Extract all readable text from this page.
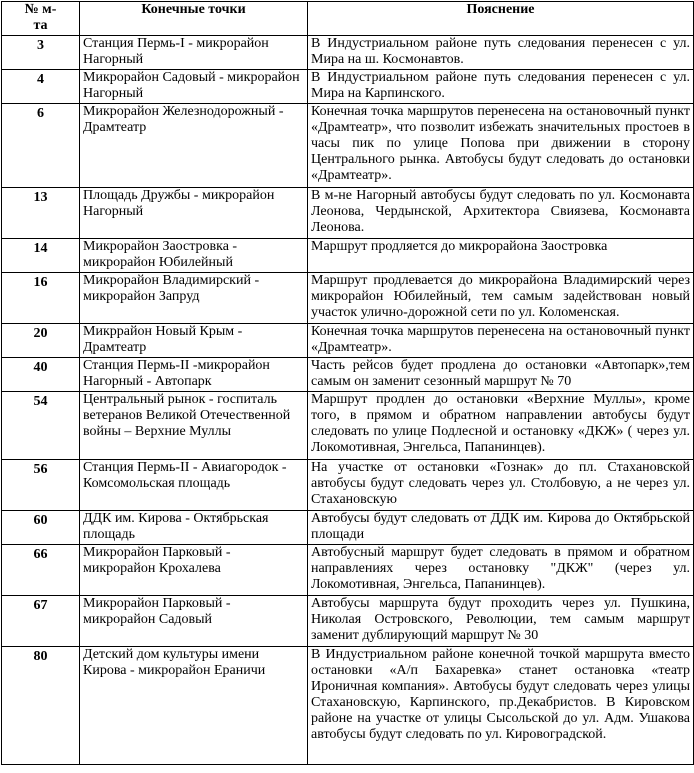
№ м-та	Конечные точки	Пояснение
3	Станция Пермь-I - микрорайон Нагорный	В Индустриальном районе путь следования перенесен с ул. Мира на ш. Космонавтов.
4	Микрорайон Садовый - микрорайон Нагорный	В Индустриальном районе путь следования перенесен с ул. Мира на Карпинского.
6	Микрорайон Железнодорожный - Драмтеатр	Конечная точка маршрутов перенесена на остановочный пункт «Драмтеатр», что позволит избежать значительных простоев в часы пик по улице Попова при движении в сторону Центрального рынка. Автобусы будут следовать до остановки «Драмтеатр».
13	Площадь Дружбы - микрорайон Нагорный	В м-не Нагорный автобусы будут следовать по ул. Космонавта Леонова, Чердынской, Архитектора Свиязева, Космонавта Леонова.
14	Микрорайон Заостровка - микрорайон Юбилейный	Маршрут продляется до микрорайона Заостровка
16	Микрорайон Владимирский - микрорайон Запруд	Маршрут продлевается до микрорайона Владимирский через микрорайон Юбилейный, тем самым задействован новый участок улично-дорожной сети по ул. Коломенская.
20	Микррайон Новый Крым - Драмтеатр	Конечная точка маршрутов перенесена на остановочный пункт «Драмтеатр».
40	Станция Пермь-II -микрорайон Нагорный - Автопарк	Часть рейсов будет продлена до остановки «Автопарк»,тем самым он заменит сезонный маршрут № 70
54	Центральный рынок - госпиталь ветеранов Великой Отечественной войны – Верхние Муллы	Маршрут продлен до остановки «Верхние Муллы», кроме того, в прямом и обратном направлении автобусы будут следовать по улице Подлесной и остановку «ДКЖ» ( через ул. Локомотивная, Энгельса, Папанинцев).
56	Станция Пермь-II - Авиагородок - Комсомольская площадь	На участке от остановки «Гознак» до пл. Стахановской автобусы будут следовать через ул. Столбовую, а не через ул. Стахановскую
60	ДДК им. Кирова - Октябрьская площадь	Автобусы будут следовать от ДДК им. Кирова до Октябрьской площади
66	Микрорайон Парковый - микрорайон Крохалева	Автобусный маршрут будет следовать в прямом и обратном направлениях через остановку "ДКЖ" (через ул. Локомотивная, Энгельса, Папанинцев).
67	Микрорайон Парковый - микрорайон Садовый	Автобусы маршрута будут проходить через ул. Пушкина, Николая Островского, Революции, тем самым маршрут заменит дублирующий маршрут № 30
80	Детский дом культуры имени Кирова - микрорайон Ераничи	В Индустриальном районе конечной точкой маршрута вместо остановки «А/п Бахаревка» станет остановка «театр Ироничная компания». Автобусы будут следовать через улицы Стахановскую, Карпинского, пр.Декабристов. В Кировском районе на участке от улицы Сысольской до ул. Адм. Ушакова автобусы будут следовать по ул. Кировоградской.
